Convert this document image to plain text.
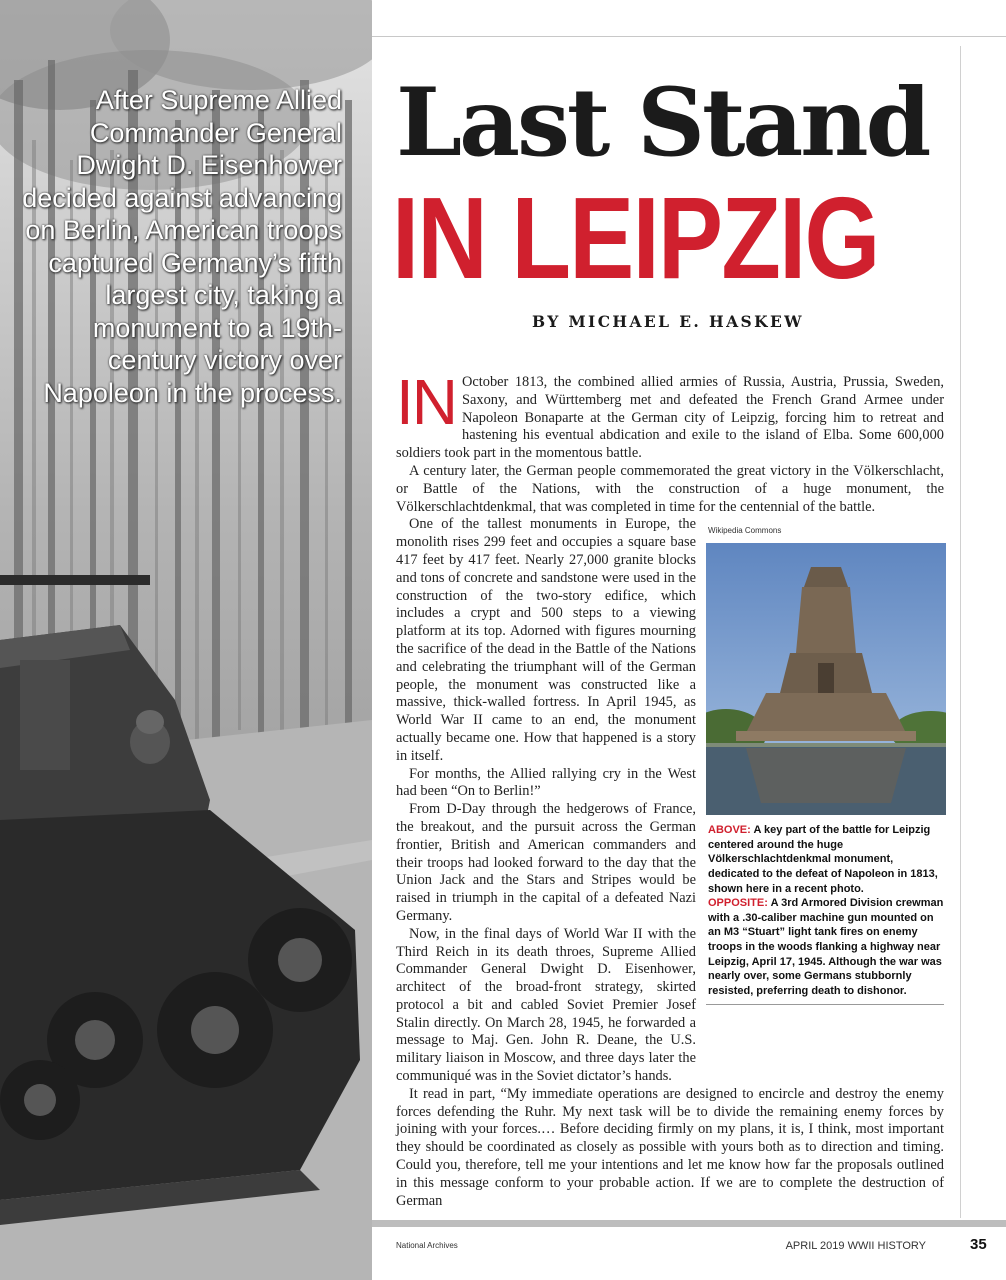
After Supreme Allied Commander General Dwight D. Eisenhower decided against advancing on Berlin, American troops captured Germany’s fifth largest city, taking a monument to a 19th-century victory over Napoleon in the process.

Last Stand
IN LEIPZIG

BY MICHAEL E. HASKEW

IN October 1813, the combined allied armies of Russia, Austria, Prussia, Sweden, Saxony, and Württemberg met and defeated the French Grand Armee under Napoleon Bonaparte at the German city of Leipzig, forcing him to retreat and hastening his eventual abdication and exile to the island of Elba. Some 600,000 soldiers took part in the momentous battle.

A century later, the German people commemorated the great victory in the Völkerschlacht, or Battle of the Nations, with the construction of a huge monument, the Völkerschlachtdenkmal, that was completed in time for the centennial of the battle.

Wikipedia Commons
ABOVE: A key part of the battle for Leipzig centered around the huge Völkerschlachtdenkmal monument, dedicated to the defeat of Napoleon in 1813, shown here in a recent photo.
OPPOSITE: A 3rd Armored Division crewman with a .30-caliber machine gun mounted on an M3 “Stuart” light tank fires on enemy troops in the woods flanking a highway near Leipzig, April 17, 1945. Although the war was nearly over, some Germans stubbornly resisted, preferring death to dishonor.
One of the tallest monuments in Europe, the monolith rises 299 feet and occupies a square base 417 feet by 417 feet. Nearly 27,000 granite blocks and tons of concrete and sandstone were used in the construction of the two-story edifice, which includes a crypt and 500 steps to a viewing platform at its top. Adorned with figures mourning the sacrifice of the dead in the Battle of the Nations and celebrating the triumphant will of the German people, the monument was constructed like a massive, thick-walled fortress. In April 1945, as World War II came to an end, the monument actually became one. How that happened is a story in itself.

For months, the Allied rallying cry in the West had been “On to Berlin!”

From D-Day through the hedgerows of France, the breakout, and the pursuit across the German frontier, British and American commanders and their troops had looked forward to the day that the Union Jack and the Stars and Stripes would be raised in triumph in the capital of a defeated Nazi Germany.

Now, in the final days of World War II with the Third Reich in its death throes, Supreme Allied Commander General Dwight D. Eisenhower, architect of the broad-front strategy, skirted protocol a bit and cabled Soviet Premier Josef Stalin directly. On March 28, 1945, he forwarded a message to Maj. Gen. John R. Deane, the U.S. military liaison in Moscow, and three days later the communiqué was in the Soviet dictator’s hands.

It read in part, “My immediate operations are designed to encircle and destroy the enemy forces defending the Ruhr. My next task will be to divide the remaining enemy forces by joining with your forces.… Before deciding firmly on my plans, it is, I think, most important they should be coordinated as closely as possible with yours both as to direction and timing. Could you, therefore, tell me your intentions and let me know how far the proposals outlined in this message conform to your probable action. If we are to complete the destruction of German

National Archives	APRIL 2019 WWII HISTORY	35
